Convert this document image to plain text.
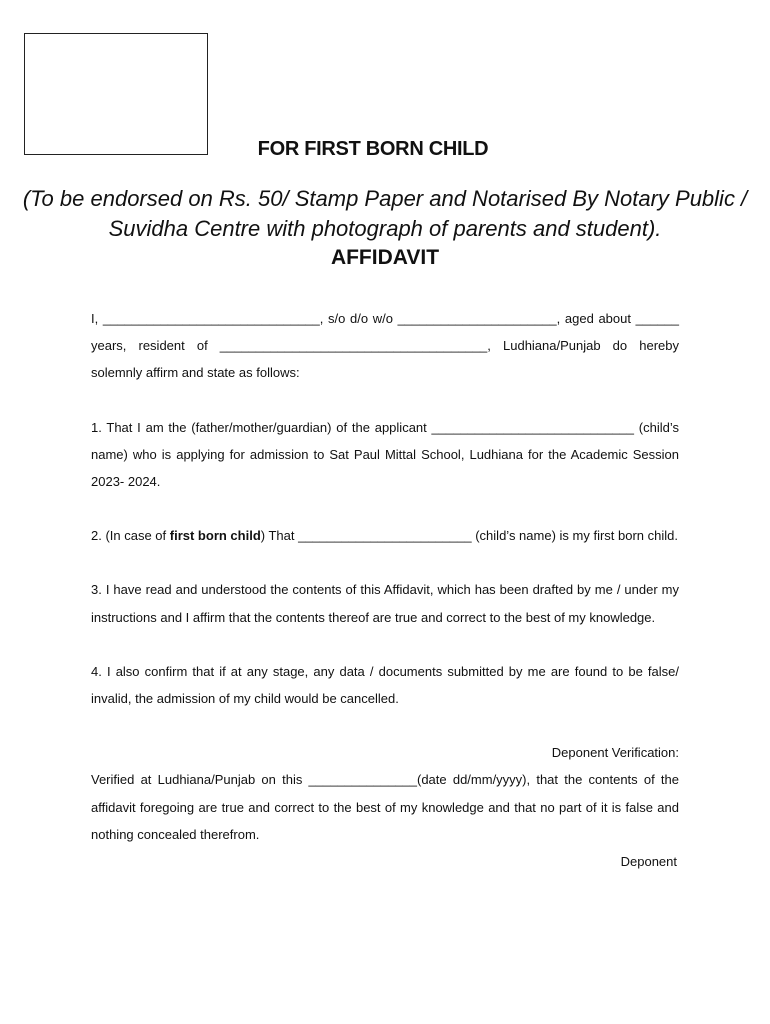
FOR FIRST BORN CHILD
(To be endorsed on Rs. 50/ Stamp Paper and Notarised By Notary Public /
Suvidha Centre with photograph of parents and student).
AFFIDAVIT

I, ______________________________, s/o d/o w/o ______________________, aged about ______ years, resident of _____________________________________, Ludhiana/Punjab do hereby solemnly affirm and state as follows:

1. That I am the (father/mother/guardian) of the applicant ____________________________ (child’s name) who is applying for admission to Sat Paul Mittal School, Ludhiana for the Academic Session 2023- 2024.

2. (In case of first born child) That ________________________ (child’s name) is my first born child.

3. I have read and understood the contents of this Affidavit, which has been drafted by me / under my instructions and I affirm that the contents thereof are true and correct to the best of my knowledge.

4. I also confirm that if at any stage, any data / documents submitted by me are found to be false/ invalid, the admission of my child would be cancelled.

Deponent Verification:

Verified at Ludhiana/Punjab on this _______________(date dd/mm/yyyy), that the contents of the affidavit foregoing are true and correct to the best of my knowledge and that no part of it is false and nothing concealed therefrom.

Deponent
